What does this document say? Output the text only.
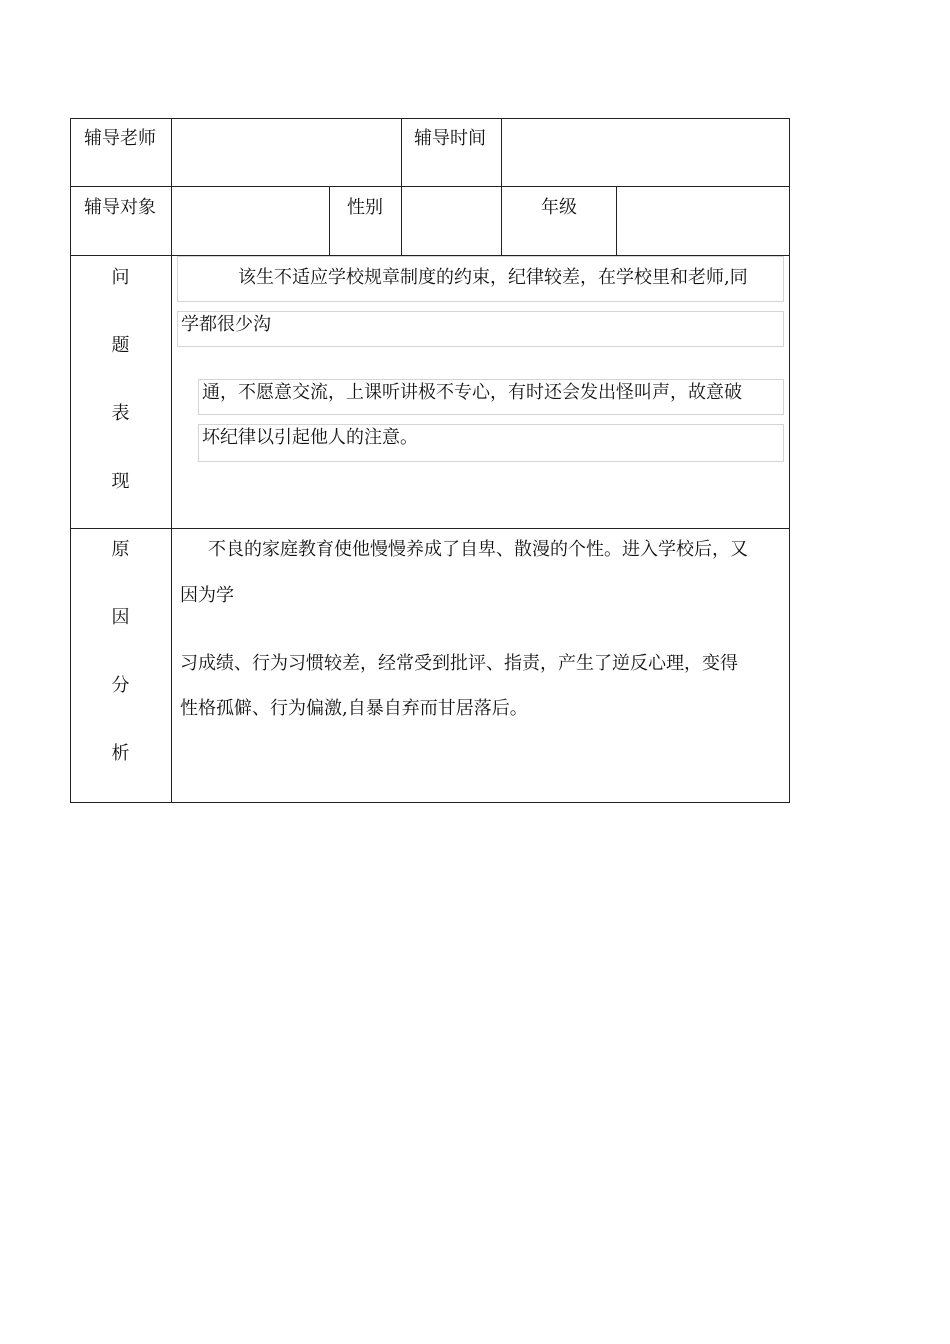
辅导老师	辅导时间
辅导对象	性别	年级
问
题
表
现
该生不适应学校规章制度的约束，纪律较差，在学校里和老师,同
学都很少沟
通，不愿意交流，上课听讲极不专心，有时还会发出怪叫声，故意破
坏纪律以引起他人的注意。
原
因
分
析
不良的家庭教育使他慢慢养成了自卑、散漫的个性。进入学校后，又
因为学
习成绩、行为习惯较差，经常受到批评、指责，产生了逆反心理，变得
性格孤僻、行为偏激,自暴自弃而甘居落后。
